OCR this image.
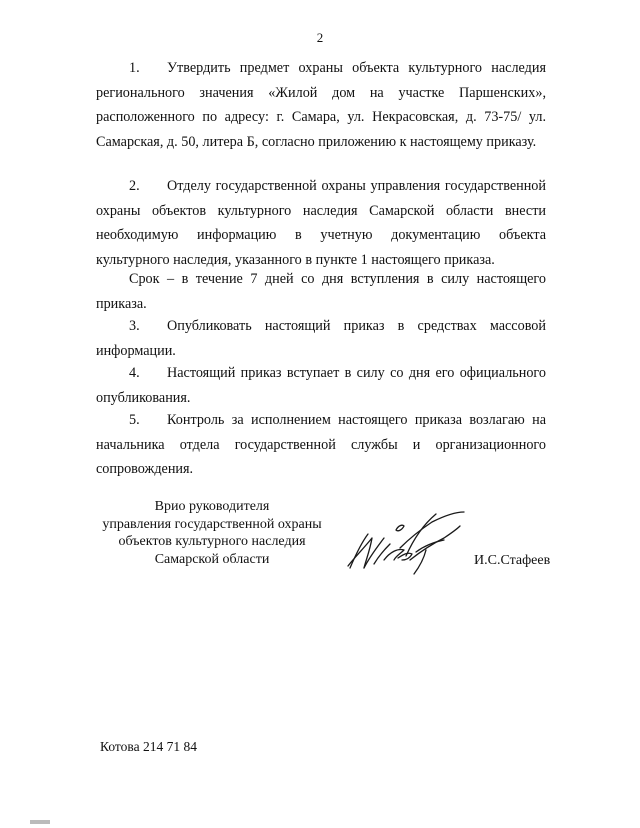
2

1. Утвердить предмет охраны объекта культурного наследия регионального значения «Жилой дом на участке Паршенских», расположенного по адресу: г. Самара, ул. Некрасовская, д. 73-75/ ул. Самарская, д. 50, литера Б, согласно приложению к настоящему приказу.

2. Отделу государственной охраны управления государственной охраны объектов культурного наследия Самарской области внести необходимую информацию в учетную документацию объекта культурного наследия, указанного в пункте 1 настоящего приказа.

Срок – в течение 7 дней со дня вступления в силу настоящего приказа.

3. Опубликовать настоящий приказ в средствах массовой информации.

4. Настоящий приказ вступает в силу со дня его официального опубликования.

5. Контроль за исполнением настоящего приказа возлагаю на начальника отдела государственной службы и организационного сопровождения.

Врио руководителя
управления государственной охраны
объектов культурного наследия
Самарской области	И.С.Стафеев
Котова 214 71 84
